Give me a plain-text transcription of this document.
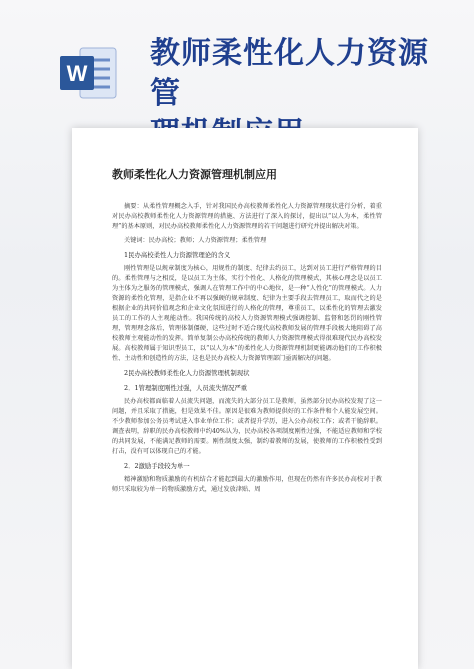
W
教师柔性化人力资源管
教师柔性化人力资源管理机制应用

摘要：从柔性管理概念入手，针对我国民办高校教师柔性化人力资源管理现状进行分析，着重对民办高校教师柔性化人力资源管理的措施、方法进行了深入的探讨，提出以“以人为本，柔性管理”的基本原则，对民办高校教师柔性化人力资源管理的若干问题进行研究并提出解决对策。

关键词：民办高校；教师；人力资源管理；柔性管理

1民办高校柔性人力资源管理论的含义

刚性管理是以规章制度为核心，用规性的制度、纪律去约员工，达到对员工进行严格管理的目的。柔性管理与之相反，是以员工为主体，实行个性化、人格化的管理模式，其核心理念是以员工为主体为之服务的管理模式，强调人在管理工作中的中心地位，是一种“人性化”的管理模式。人力资源的柔性化管理，是指企业不再以强硬的规章制度、纪律为主要手段去管理员工，取而代之的是根据企业的共同价值观念和企业文化氛围进行的人格化的管理，尊重员工，以柔性化的管理去激发员工的工作的人主观能动性。我国传统的高校人力资源管理模式强调控制、监督和惩罚的刚性管理，管理理念落后，管理体制僵硬，这些过时不适合现代高校教师发展的管理手段极大地阻碍了高校教师主观能动性的发挥。简单复制公办高校传统的教师人力资源管理模式得很难现代民办高校发展。高校教师属于知识型员工，以“以人为本”的柔性化人力资源管理机制更能调动他们的工作积极性、主动性和创造性的方法，这也是民办高校人力资源管理部门亟需解决的问题。

2民办高校教师柔性化人力资源管理机制现状
2．1管理制度刚性过强，人员流失情况严重

民办高校都面临着人员流失问题，而流失的大部分员工是教师，虽然部分民办高校发现了这一问题，并且采取了措施，但是效果不佳。原因是很难为教师提供好的工作条件和个人能发展空间。不少教师参加公务员考试进入事业单位工作；或者提升学历，进入公办高校工作；或者干脆辞职。调查表明，辞职的民办高校教师中约40%认为，民办高校各项制度刚性过强，不能适应教师和学校的共同发展，不能满足教师的需要。刚性制度太强，制约着教师的发展，使教师的工作积极性受到打击，没有可以体现自己的才能。

2．2激励手段较为单一

精神激励和物质激励的有机结合才能起到最大的激励作用，但现在仍然有许多民办高校对于教师只采取较为单一的物质激励方式，通过发放津贴、周
